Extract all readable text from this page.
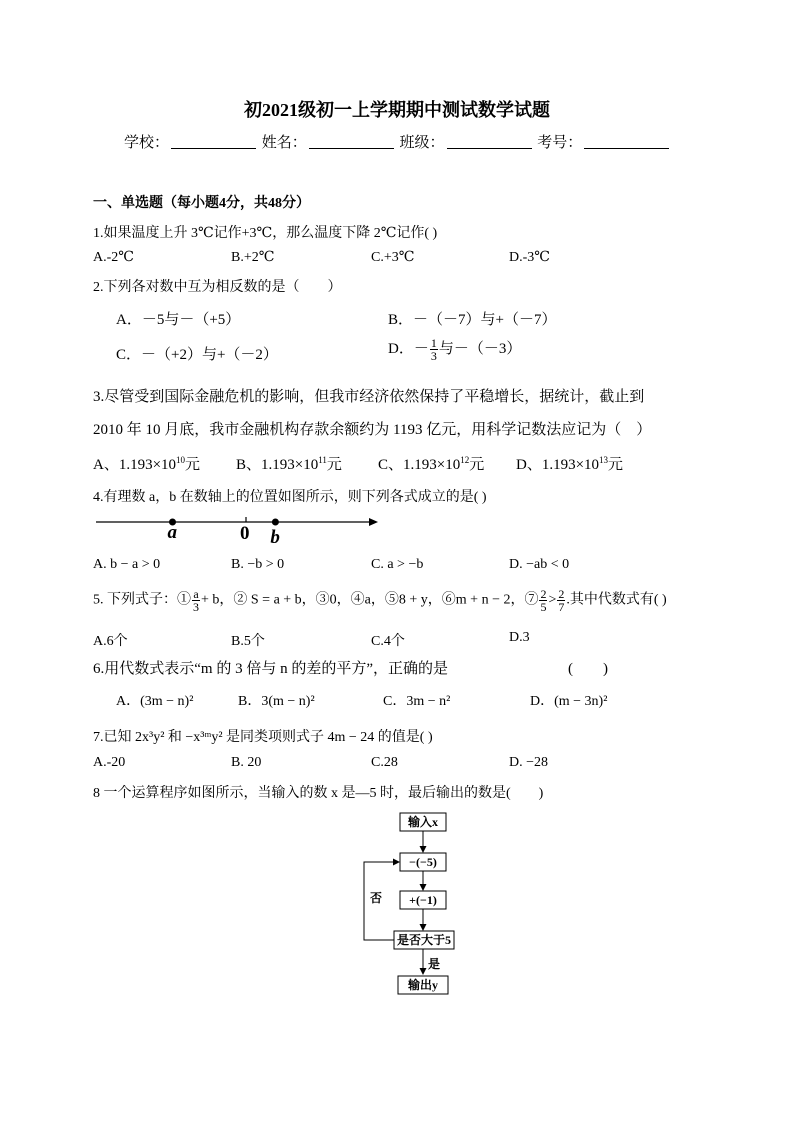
初2021级初一上学期期中测试数学试题
学校：	姓名：	班级：	考号：
一、单选题（每小题4分，共48分）
1.如果温度上升 3℃记作+3℃，那么温度下降 2℃记作( )
A.-2℃	B.+2℃	C.+3℃	D.-3℃
2.下列各对数中互为相反数的是（　　）
A．－5与－（+5）	B．－（－7）与+（－7）
C．－（+2）与+（－2）	D．－ $\frac{1}{3}$ 与－（－3）
3.尽管受到国际金融危机的影响，但我市经济依然保持了平稳增长，据统计，截止到
2010 年 10 月底，我市金融机构存款余额约为 1193 亿元，用科学记数法应记为（　）
A、$1.193\times 10^{10}$元 B、$1.193\times 10^{11}$元 C、$1.193\times 10^{12}$元 D、$1.193\times 10^{13}$元
4.有理数 a，b 在数轴上的位置如图所示，则下列各式成立的是( )
a	0 b
A. b − a > 0	B. −b > 0	C. a > −b	D. −ab < 0
5. 下列式子：① $\frac{a}{3} + b$，② S = a + b，③0，④a，⑤8 + y，⑥m + n − 2，⑦ $\frac{2}{5} > \frac{2}{7}$ .其中代数式有( )
A.6个	B.5个	C.4个	D.3
6.用代数式表示“m 的 3 倍与 n 的差的平方”，正确的是	(　　)
A．(3m − n)²	B．3(m − n)²	C．3m − n²	D．(m − 3n)²
7.已知 2x³y² 和 −x³ᵐy² 是同类项则式子 4m − 24 的值是( )
A.-20	B. 20	C.28	D. −28
8 一个运算程序如图所示，当输入的数 x 是—5 时，最后输出的数是(　　)
输入x
−(−5)
+(−1)
是否大于5
否
是
输出y
